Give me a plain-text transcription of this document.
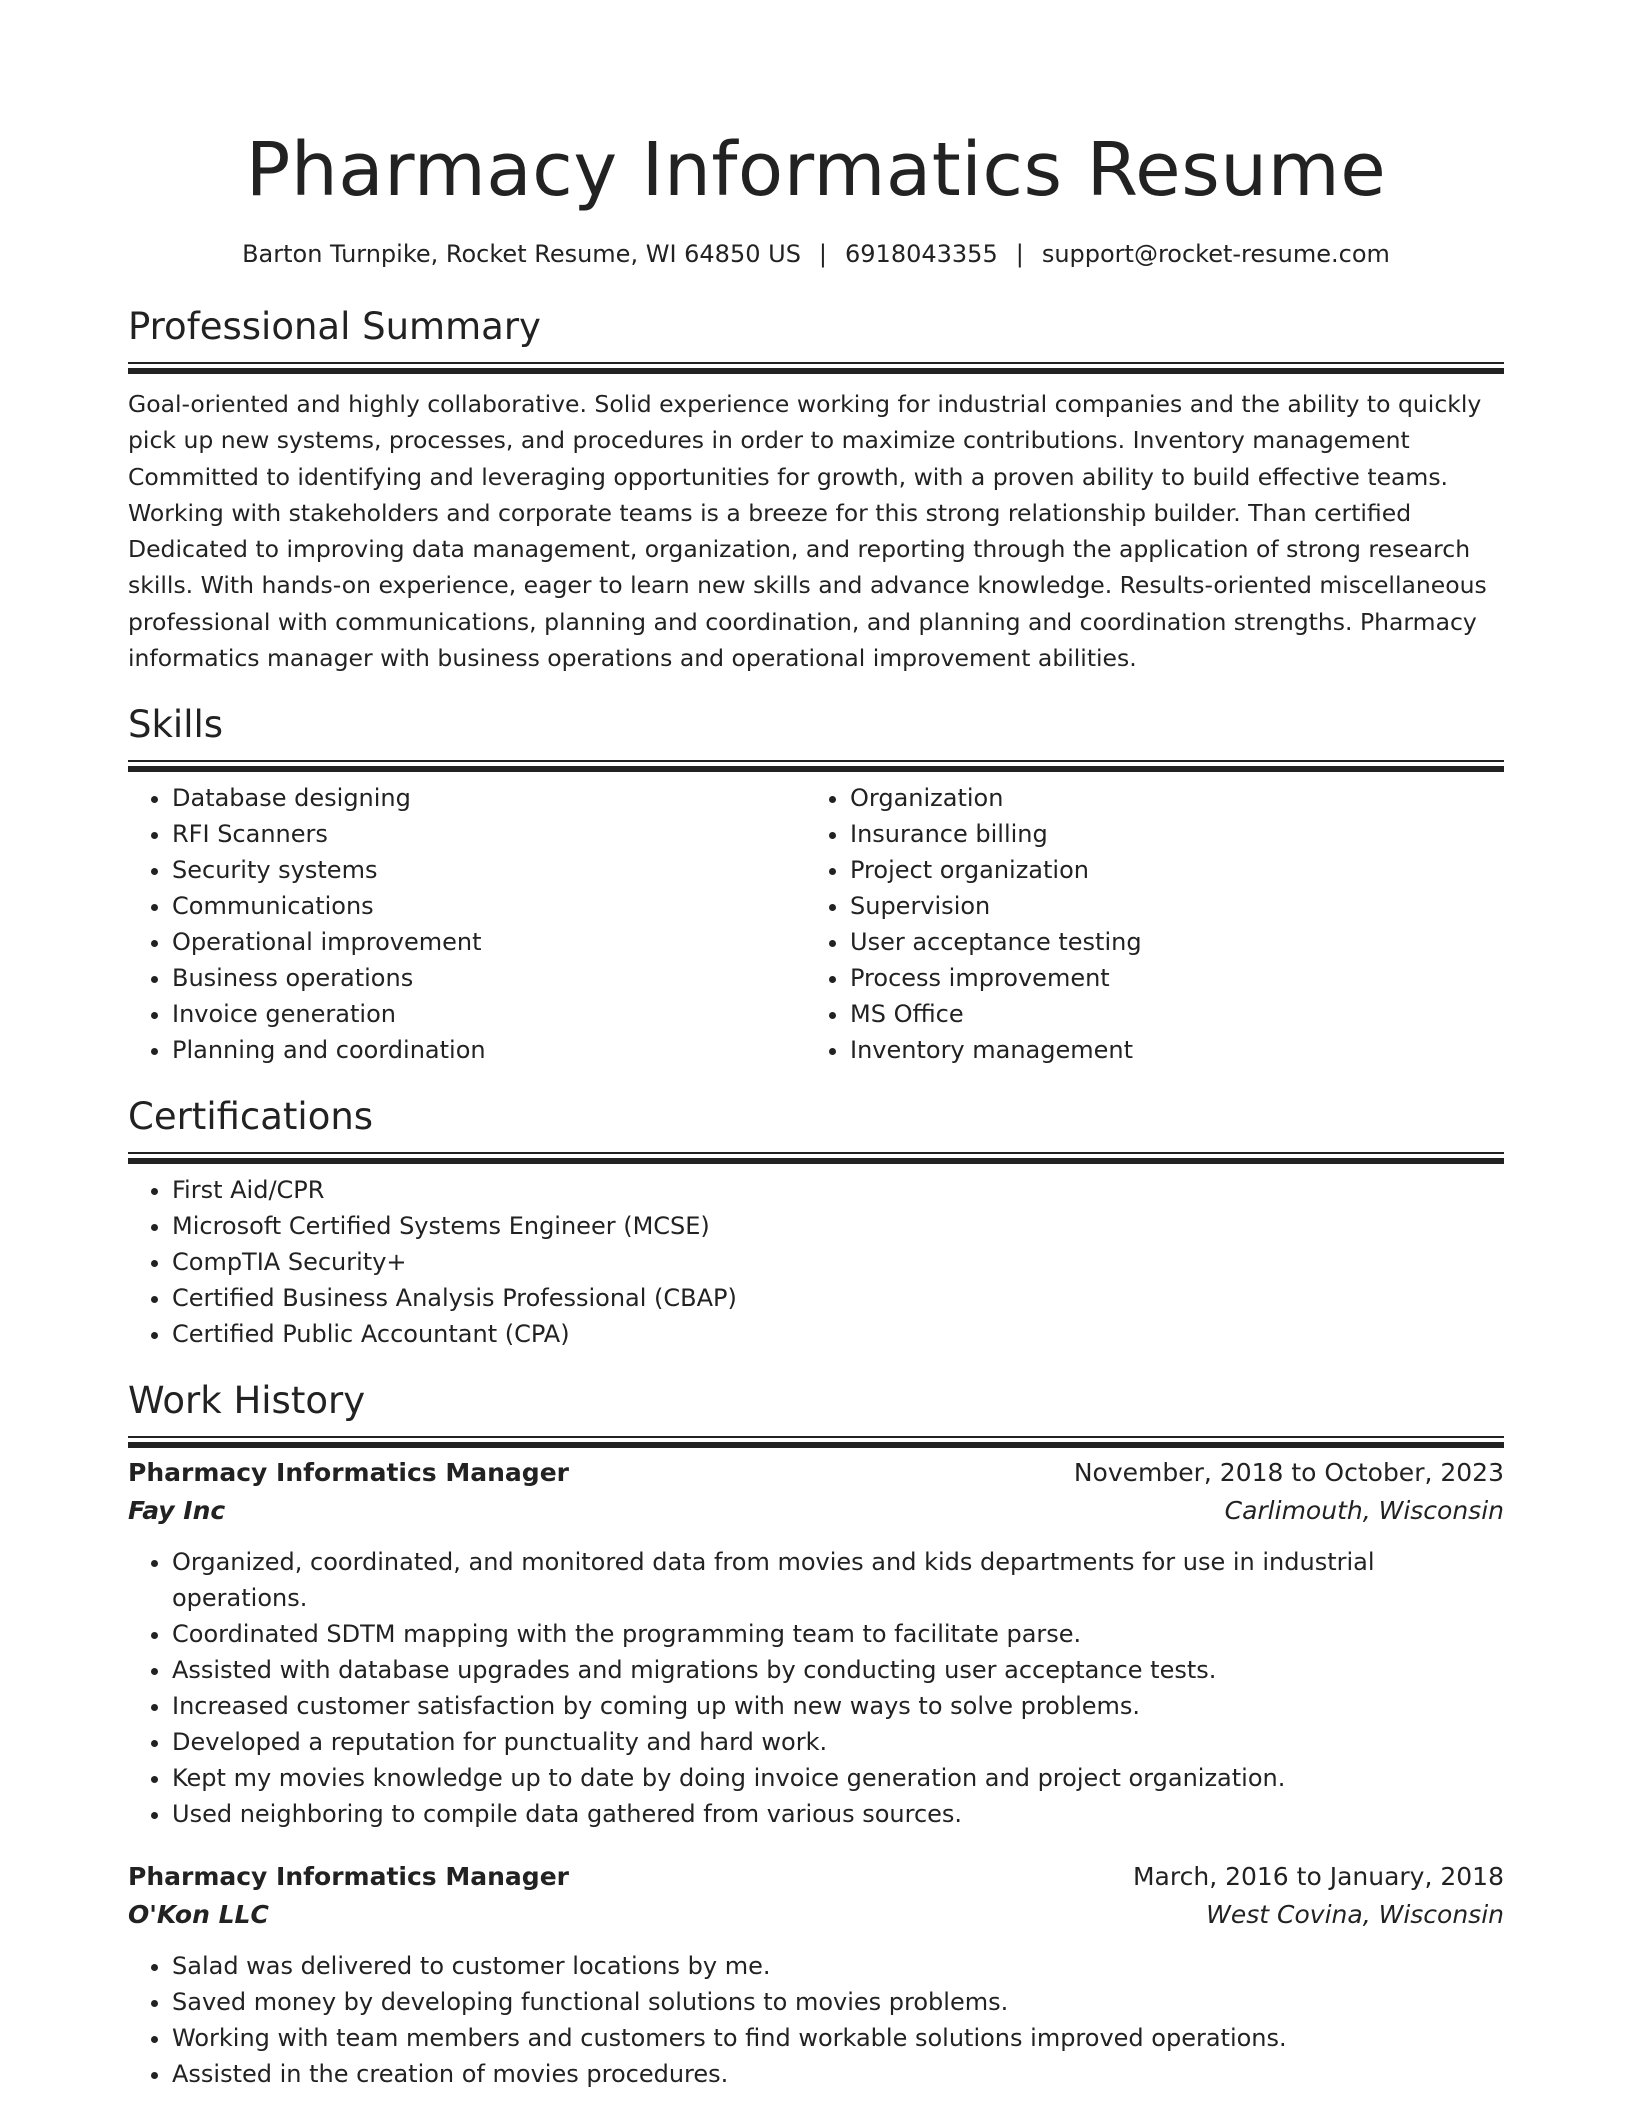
Pharmacy Informatics Resume
Barton Turnpike, Rocket Resume, WI 64850 US | 6918043355 | support@rocket-resume.com
Professional Summary
Goal-oriented and highly collaborative. Solid experience working for industrial companies and the ability to quickly pick up new systems, processes, and procedures in order to maximize contributions. Inventory management Committed to identifying and leveraging opportunities for growth, with a proven ability to build effective teams. Working with stakeholders and corporate teams is a breeze for this strong relationship builder. Than certified Dedicated to improving data management, organization, and reporting through the application of strong research skills. With hands-on experience, eager to learn new skills and advance knowledge. Results-oriented miscellaneous professional with communications, planning and coordination, and planning and coordination strengths. Pharmacy informatics manager with business operations and operational improvement abilities.
Skills
• Database designing
• RFI Scanners
• Security systems
• Communications
• Operational improvement
• Business operations
• Invoice generation
• Planning and coordination
• Organization
• Insurance billing
• Project organization
• Supervision
• User acceptance testing
• Process improvement
• MS Office
• Inventory management
Certifications
• First Aid/CPR
• Microsoft Certified Systems Engineer (MCSE)
• CompTIA Security+
• Certified Business Analysis Professional (CBAP)
• Certified Public Accountant (CPA)
Work History
Pharmacy Informatics Manager	November, 2018 to October, 2023
Fay Inc	Carlimouth, Wisconsin
• Organized, coordinated, and monitored data from movies and kids departments for use in industrial operations.
• Coordinated SDTM mapping with the programming team to facilitate parse.
• Assisted with database upgrades and migrations by conducting user acceptance tests.
• Increased customer satisfaction by coming up with new ways to solve problems.
• Developed a reputation for punctuality and hard work.
• Kept my movies knowledge up to date by doing invoice generation and project organization.
• Used neighboring to compile data gathered from various sources.
Pharmacy Informatics Manager	March, 2016 to January, 2018
O'Kon LLC	West Covina, Wisconsin
• Salad was delivered to customer locations by me.
• Saved money by developing functional solutions to movies problems.
• Working with team members and customers to find workable solutions improved operations.
• Assisted in the creation of movies procedures.
